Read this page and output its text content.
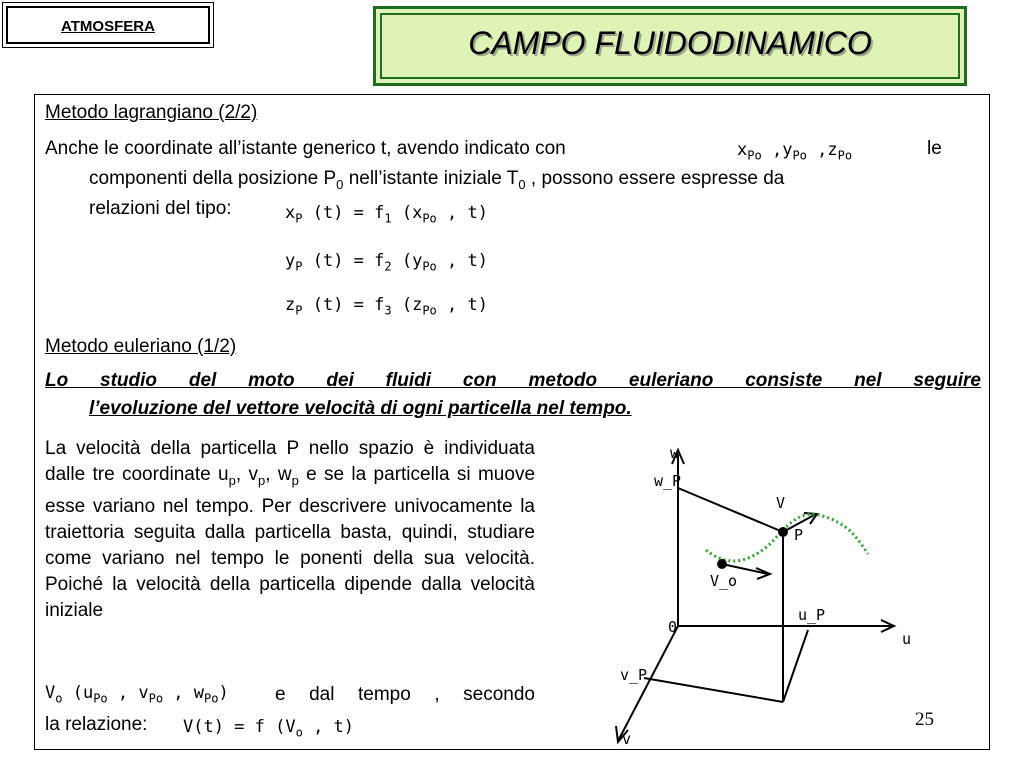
ATMOSFERA	CAMPO FLUIDODINAMICO
Metodo lagrangiano (2/2)
Anche le coordinate all’istante generico t, avendo indicato con	$x_{Po}$ $,y_{Po}$ $,z_{Po}$	le
componenti della posizione $P_0$ nell’istante iniziale $T_0$ , possono essere espresse da
relazioni del tipo:	$x_P$ $(t) = f_1$ ($x_{Po}$ , t)
$y_P$ $(t) = f_2$ ($y_{Po}$ , t)
$z_P$ $(t) = f_3$ ($z_{Po}$ , t)
Metodo euleriano (1/2)
Lo studio del moto dei fluidi con metodo euleriano consiste nel seguire
l’evoluzione del vettore velocità di ogni particella nel tempo.
La velocità della particella P nello spazio è individuata dalle tre coordinate $u_p$, $v_p$, $w_p$ e se la particella si muove esse variano nel tempo. Per descrivere univocamente la traiettoria seguita dalla particella basta, quindi, studiare come variano nel tempo le ponenti della sua velocità. Poiché la velocità della particella dipende dalla velocità iniziale
$V_o$ ($u_{Po}$ , $v_{Po}$ , $w_{Po}$) e dal tempo , secondo
la relazione: V(t) = f ($V_o$ , t)
w
w_P
V
P
V_o
0
u_P
u
v_P
v
25
